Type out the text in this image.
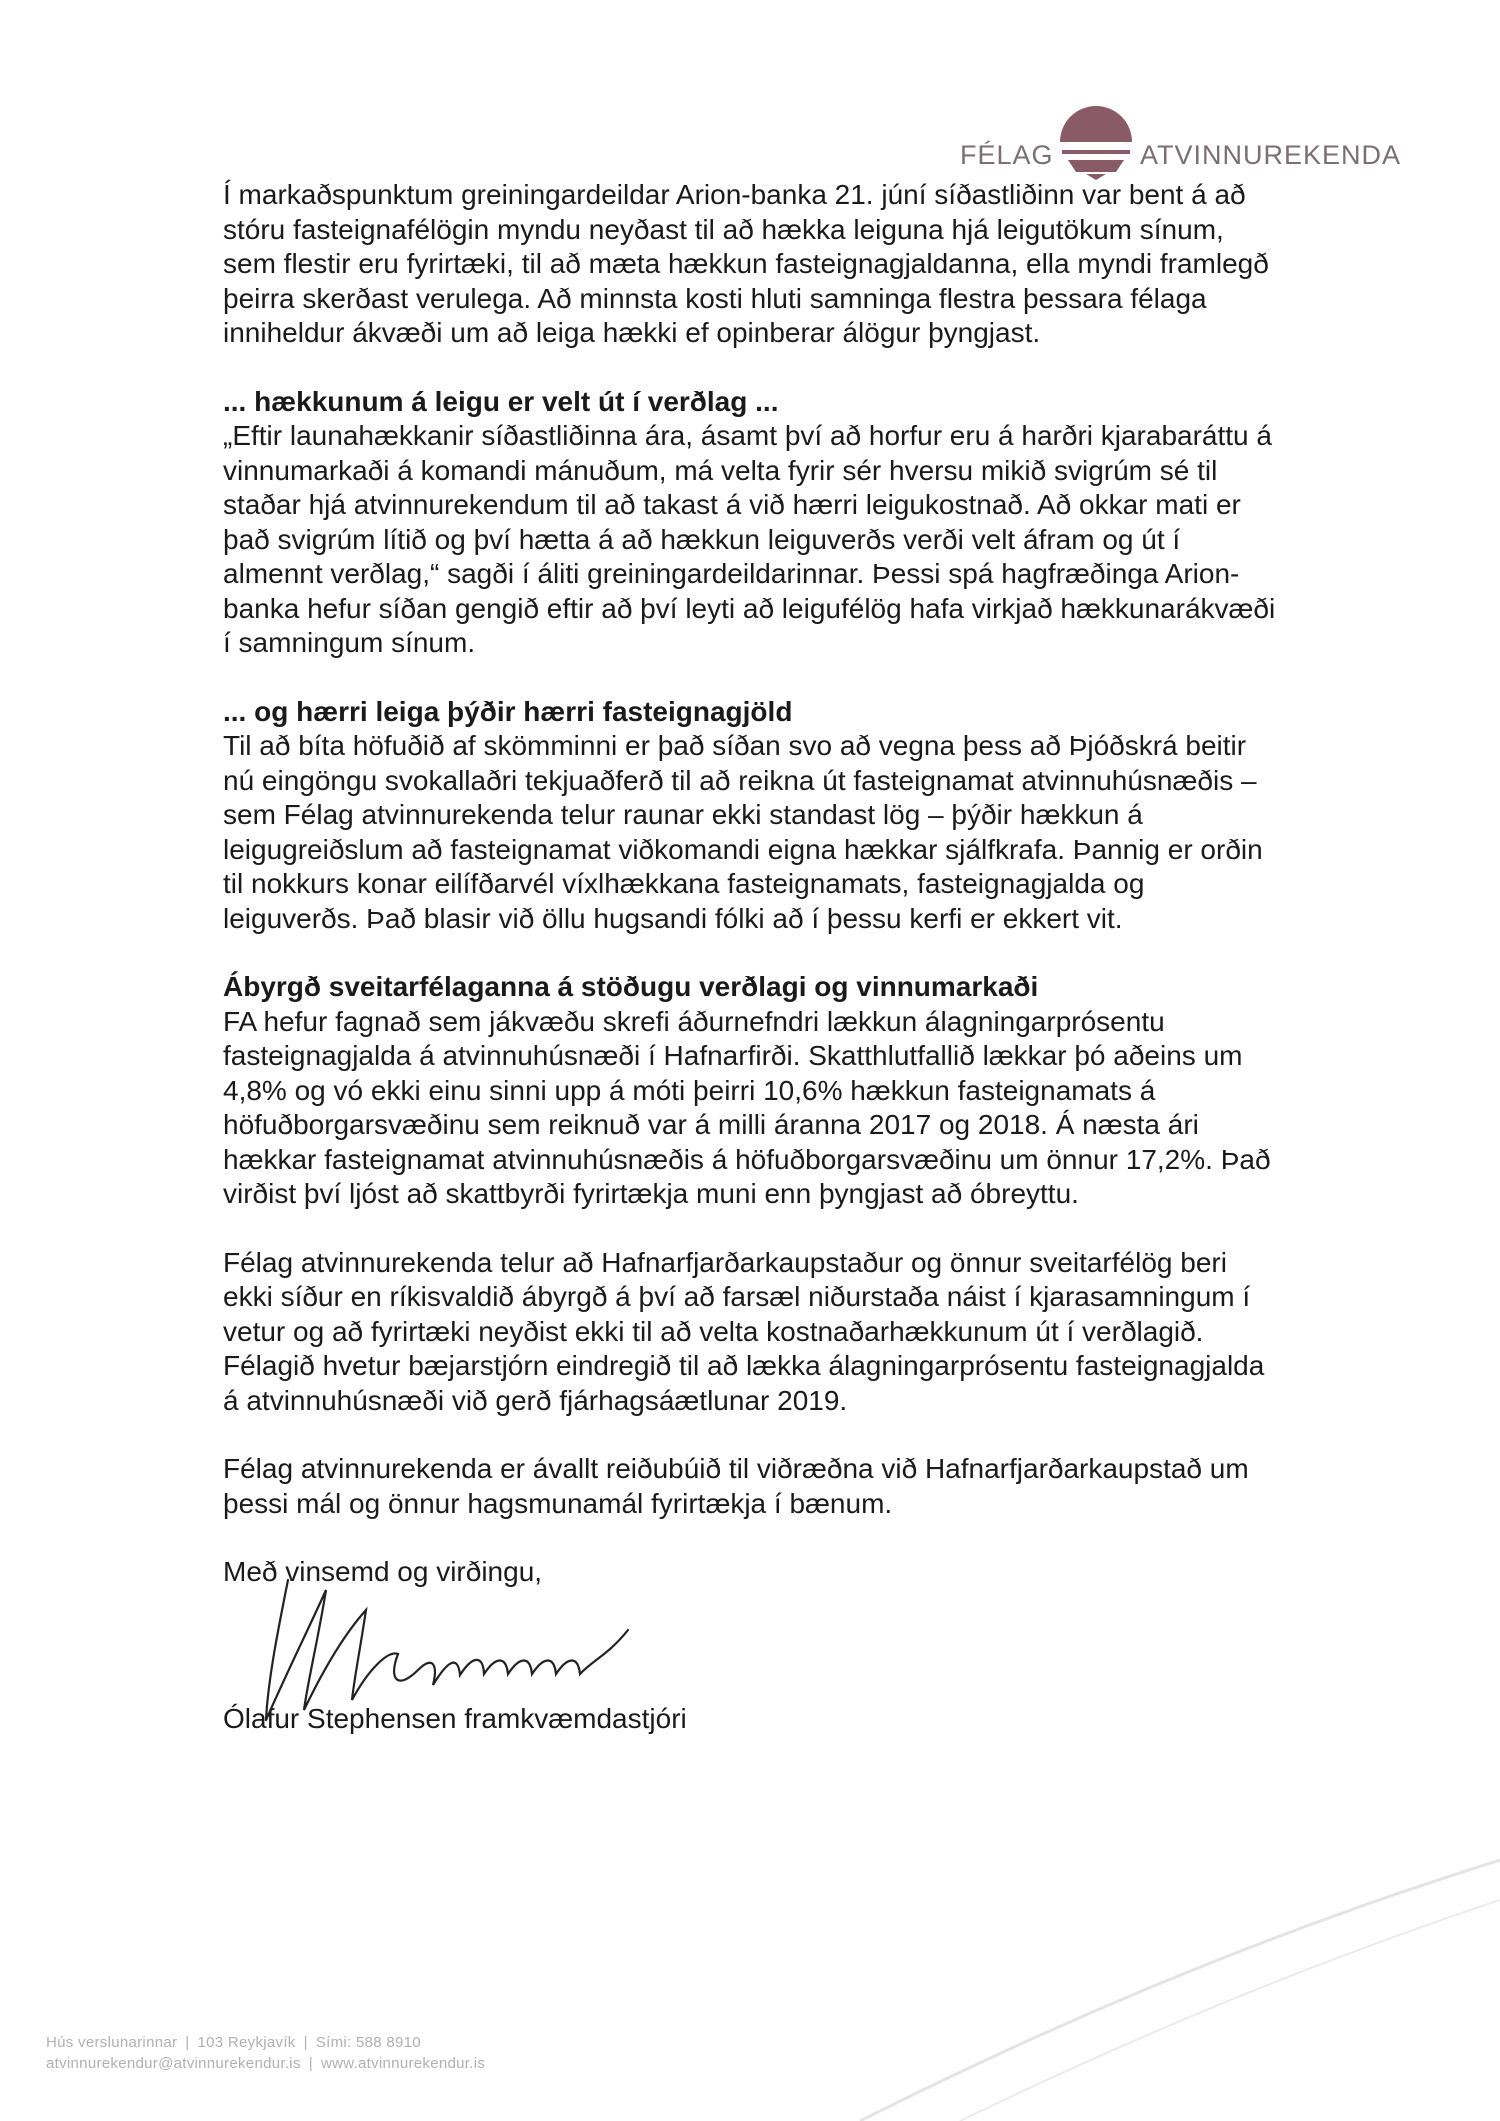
FÉLAG	ATVINNUREKENDA

Í markaðspunktum greiningardeildar Arion-banka 21. júní síðastliðinn var bent á að stóru fasteignafélögin myndu neyðast til að hækka leiguna hjá leigutökum sínum, sem flestir eru fyrirtæki, til að mæta hækkun fasteignagjaldanna, ella myndi framlegð þeirra skerðast verulega. Að minnsta kosti hluti samninga flestra þessara félaga inniheldur ákvæði um að leiga hækki ef opinberar álögur þyngjast.

... hækkunum á leigu er velt út í verðlag ...

„Eftir launahækkanir síðastliðinna ára, ásamt því að horfur eru á harðri kjarabaráttu á vinnumarkaði á komandi mánuðum, má velta fyrir sér hversu mikið svigrúm sé til staðar hjá atvinnurekendum til að takast á við hærri leigukostnað. Að okkar mati er það svigrúm lítið og því hætta á að hækkun leiguverðs verði velt áfram og út í almennt verðlag,“ sagði í áliti greiningardeildarinnar. Þessi spá hagfræðinga Arion-banka hefur síðan gengið eftir að því leyti að leigufélög hafa virkjað hækkunarákvæði í samningum sínum.

... og hærri leiga þýðir hærri fasteignagjöld

Til að bíta höfuðið af skömminni er það síðan svo að vegna þess að Þjóðskrá beitir nú eingöngu svokallaðri tekjuaðferð til að reikna út fasteignamat atvinnuhúsnæðis – sem Félag atvinnurekenda telur raunar ekki standast lög – þýðir hækkun á leigugreiðslum að fasteignamat viðkomandi eigna hækkar sjálfkrafa. Þannig er orðin til nokkurs konar eilífðarvél víxlhækkana fasteignamats, fasteignagjalda og leiguverðs. Það blasir við öllu hugsandi fólki að í þessu kerfi er ekkert vit.

Ábyrgð sveitarfélaganna á stöðugu verðlagi og vinnumarkaði

FA hefur fagnað sem jákvæðu skrefi áðurnefndri lækkun álagningarprósentu fasteignagjalda á atvinnuhúsnæði í Hafnarfirði. Skatthlutfallið lækkar þó aðeins um 4,8% og vó ekki einu sinni upp á móti þeirri 10,6% hækkun fasteignamats á höfuðborgarsvæðinu sem reiknuð var á milli áranna 2017 og 2018. Á næsta ári hækkar fasteignamat atvinnuhúsnæðis á höfuðborgarsvæðinu um önnur 17,2%. Það virðist því ljóst að skattbyrði fyrirtækja muni enn þyngjast að óbreyttu.

Félag atvinnurekenda telur að Hafnarfjarðarkaupstaður og önnur sveitarfélög beri ekki síður en ríkisvaldið ábyrgð á því að farsæl niðurstaða náist í kjarasamningum í vetur og að fyrirtæki neyðist ekki til að velta kostnaðarhækkunum út í verðlagið. Félagið hvetur bæjarstjórn eindregið til að lækka álagningarprósentu fasteignagjalda á atvinnuhúsnæði við gerð fjárhagsáætlunar 2019.

Félag atvinnurekenda er ávallt reiðubúið til viðræðna við Hafnarfjarðarkaupstað um þessi mál og önnur hagsmunamál fyrirtækja í bænum.

Með vinsemd og virðingu,

Ólafur Stephensen framkvæmdastjóri

Hús verslunarinnar | 103 Reykjavík | Sími: 588 8910
atvinnurekendur@atvinnurekendur.is | www.atvinnurekendur.is
